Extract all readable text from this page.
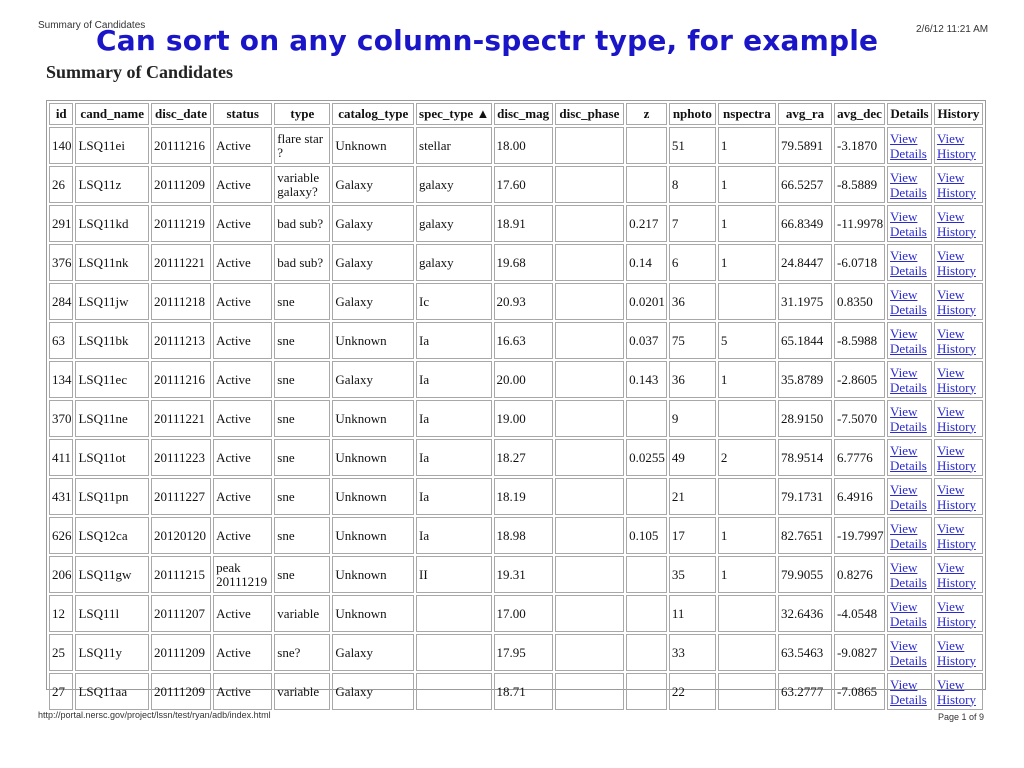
Summary of Candidates	2/6/12 11:21 AM
Can sort on any column-spectr type, for example
Summary of Candidates
id	cand_name	disc_date	status	type	catalog_type	spec_type ▲	disc_mag	disc_phase	z	nphoto	nspectra	avg_ra	avg_dec	Details	History
140	LSQ11ei	20111216	Active	flare star ?	Unknown	stellar	18.00			51	1	79.5891	-3.1870	View Details	View History

26	LSQ11z	20111209	Active	variable galaxy?	Galaxy	galaxy	17.60			8	1	66.5257	-8.5889	View Details	View History

291	LSQ11kd	20111219	Active	bad sub?	Galaxy	galaxy	18.91		0.217	7	1	66.8349	-11.9978	View Details	View History

376	LSQ11nk	20111221	Active	bad sub?	Galaxy	galaxy	19.68		0.14	6	1	24.8447	-6.0718	View Details	View History

284	LSQ11jw	20111218	Active	sne	Galaxy	Ic	20.93		0.0201	36		31.1975	0.8350	View Details	View History

63	LSQ11bk	20111213	Active	sne	Unknown	Ia	16.63		0.037	75	5	65.1844	-8.5988	View Details	View History

134	LSQ11ec	20111216	Active	sne	Galaxy	Ia	20.00		0.143	36	1	35.8789	-2.8605	View Details	View History

370	LSQ11ne	20111221	Active	sne	Unknown	Ia	19.00			9		28.9150	-7.5070	View Details	View History

411	LSQ11ot	20111223	Active	sne	Unknown	Ia	18.27		0.0255	49	2	78.9514	6.7776	View Details	View History

431	LSQ11pn	20111227	Active	sne	Unknown	Ia	18.19			21		79.1731	6.4916	View Details	View History

626	LSQ12ca	20120120	Active	sne	Unknown	Ia	18.98		0.105	17	1	82.7651	-19.7997	View Details	View History

206	LSQ11gw	20111215	peak 20111219	sne	Unknown	II	19.31			35	1	79.9055	0.8276	View Details	View History

12	LSQ11l	20111207	Active	variable	Unknown		17.00			11		32.6436	-4.0548	View Details	View History

25	LSQ11y	20111209	Active	sne?	Galaxy		17.95			33		63.5463	-9.0827	View Details	View History

27	LSQ11aa	20111209	Active	variable	Galaxy		18.71			22		63.2777	-7.0865	View Details	View History
http://portal.nersc.gov/project/lssn/test/ryan/adb/index.html	Page 1 of 9
